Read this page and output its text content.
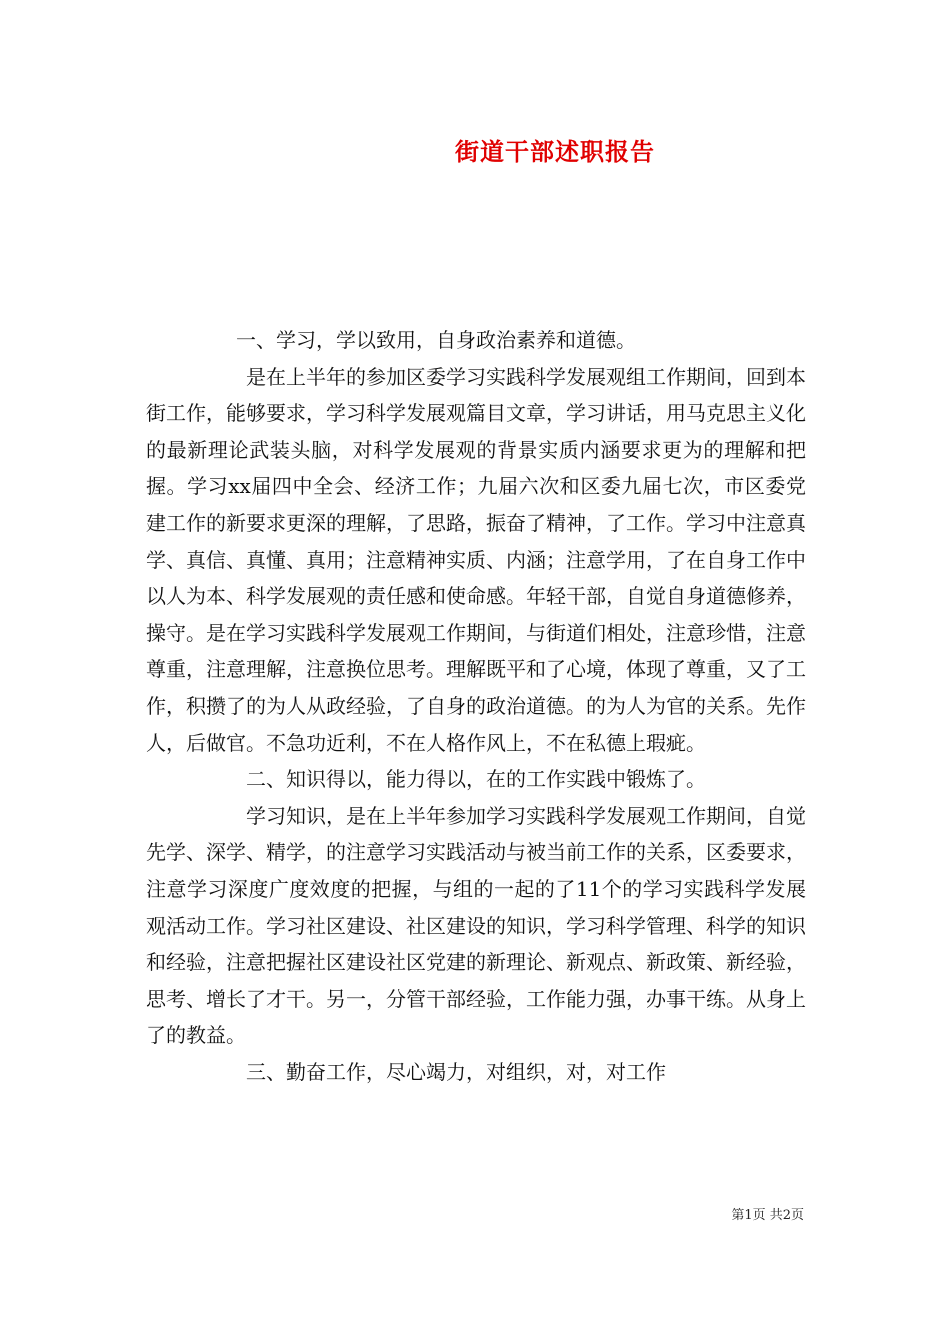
街道干部述职报告

一、学习，学以致用，自身政治素养和道德。

是在上半年的参加区委学习实践科学发展观组工作期间，回到本街工作，能够要求，学习科学发展观篇目文章，学习讲话，用马克思主义化的最新理论武装头脑，对科学发展观的背景实质内涵要求更为的理解和把握。学习xx届四中全会、经济工作；九届六次和区委九届七次，市区委党建工作的新要求更深的理解，了思路，振奋了精神，了工作。学习中注意真学、真信、真懂、真用；注意精神实质、内涵；注意学用，了在自身工作中以人为本、科学发展观的责任感和使命感。年轻干部，自觉自身道德修养，操守。是在学习实践科学发展观工作期间，与街道们相处，注意珍惜，注意尊重，注意理解，注意换位思考。理解既平和了心境，体现了尊重，又了工作，积攒了的为人从政经验，了自身的政治道德。的为人为官的关系。先作人，后做官。不急功近利，不在人格作风上，不在私德上瑕疵。

二、知识得以，能力得以，在的工作实践中锻炼了。

学习知识，是在上半年参加学习实践科学发展观工作期间，自觉先学、深学、精学，的注意学习实践活动与被当前工作的关系，区委要求，注意学习深度广度效度的把握，与组的一起的了11个的学习实践科学发展观活动工作。学习社区建设、社区建设的知识，学习科学管理、科学的知识和经验，注意把握社区建设社区党建的新理论、新观点、新政策、新经验，思考、增长了才干。另一，分管干部经验，工作能力强，办事干练。从身上了的教益。

三、勤奋工作，尽心竭力，对组织，对，对工作

第1页 共2页
